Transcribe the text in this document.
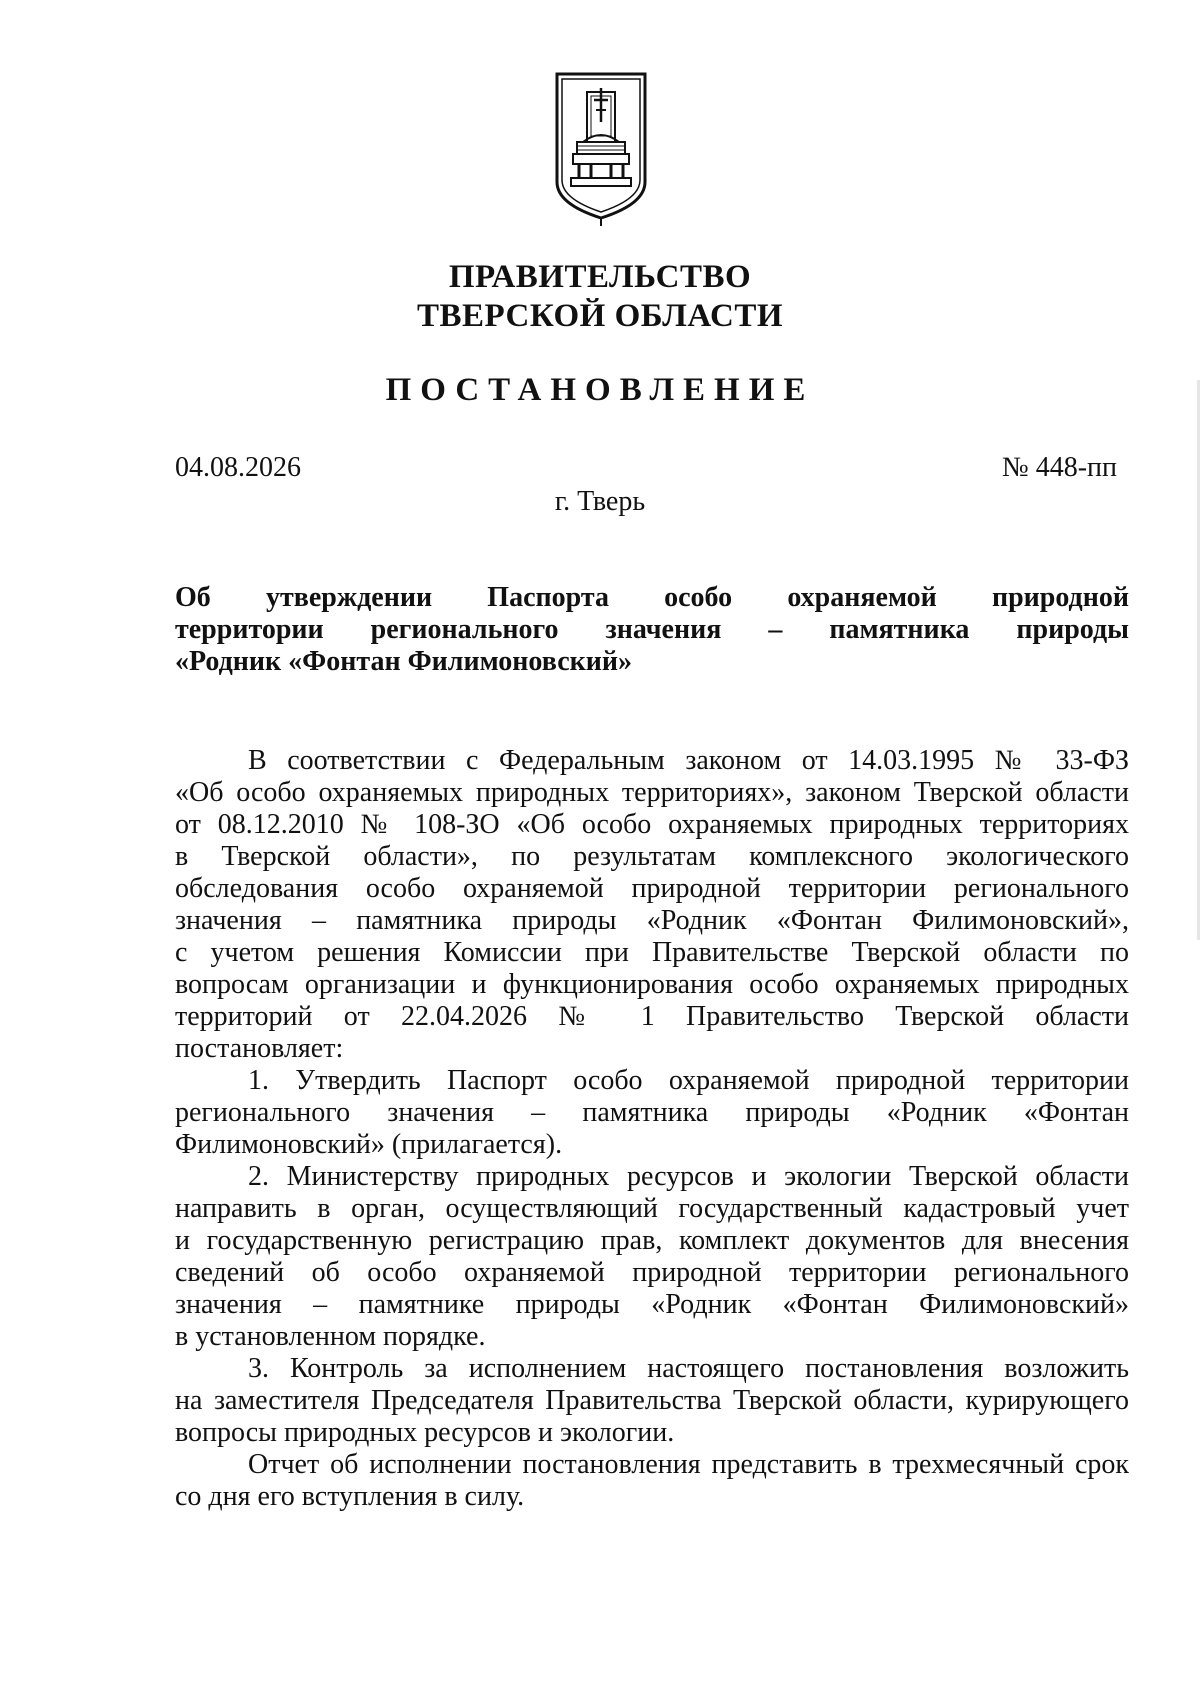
ПРАВИТЕЛЬСТВО
ТВЕРСКОЙ ОБЛАСТИ
ПОСТАНОВЛЕНИЕ
04.08.2026	№ 448-пп
г. Тверь
Об утверждении Паспорта особо охраняемой природной
территории регионального значения – памятника природы
«Родник «Фонтан Филимоновский»
В соответствии с Федеральным законом от 14.03.1995 № 33-ФЗ
«Об особо охраняемых природных территориях», законом Тверской области
от 08.12.2010 № 108-ЗО «Об особо охраняемых природных территориях
в Тверской области», по результатам комплексного экологического
обследования особо охраняемой природной территории регионального
значения – памятника природы «Родник «Фонтан Филимоновский»,
с учетом решения Комиссии при Правительстве Тверской области по
вопросам организации и функционирования особо охраняемых природных
территорий от 22.04.2026 № 1 Правительство Тверской области
постановляет:
1. Утвердить Паспорт особо охраняемой природной территории
регионального значения – памятника природы «Родник «Фонтан
Филимоновский» (прилагается).
2. Министерству природных ресурсов и экологии Тверской области
направить в орган, осуществляющий государственный кадастровый учет
и государственную регистрацию прав, комплект документов для внесения
сведений об особо охраняемой природной территории регионального
значения – памятнике природы «Родник «Фонтан Филимоновский»
в установленном порядке.
3. Контроль за исполнением настоящего постановления возложить
на заместителя Председателя Правительства Тверской области, курирующего
вопросы природных ресурсов и экологии.
Отчет об исполнении постановления представить в трехмесячный срок
со дня его вступления в силу.
